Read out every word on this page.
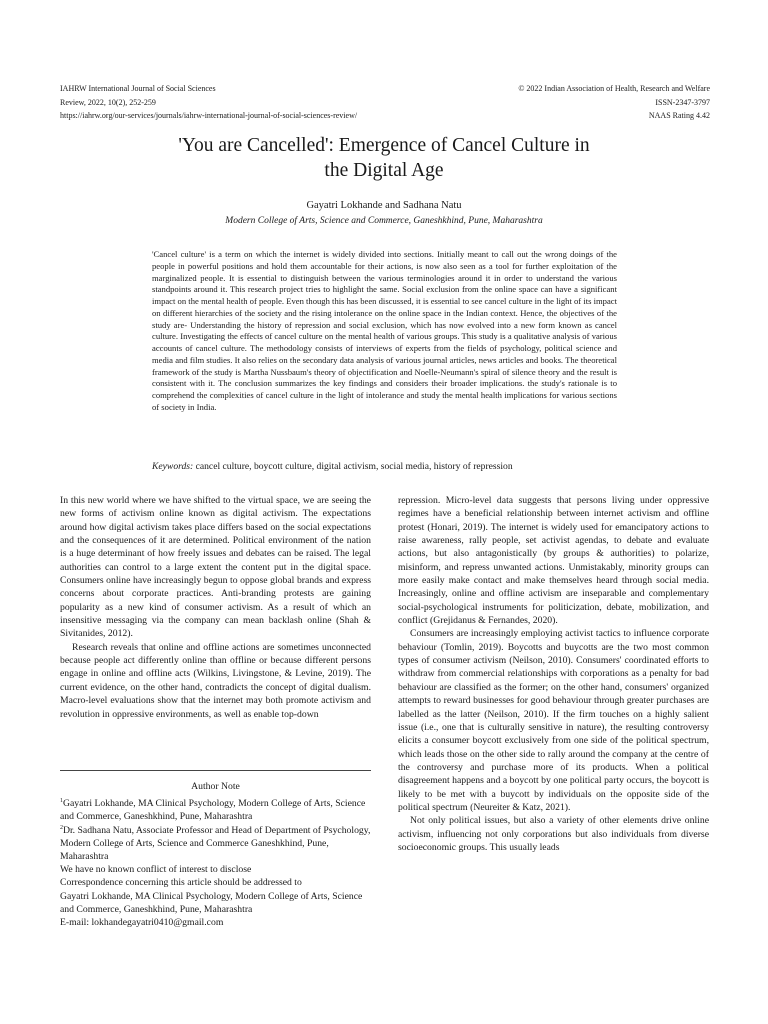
IAHRW International Journal of Social Sciences
Review, 2022, 10(2), 252-259
https://iahrw.org/our-services/journals/iahrw-international-journal-of-social-sciences-review/
© 2022 Indian Association of Health, Research and Welfare
ISSN-2347-3797
NAAS Rating 4.42
'You are Cancelled': Emergence of Cancel Culture in
the Digital Age
Gayatri Lokhande and Sadhana Natu
Modern College of Arts, Science and Commerce, Ganeshkhind, Pune, Maharashtra
'Cancel culture' is a term on which the internet is widely divided into sections. Initially meant to call out the wrong doings of the people in powerful positions and hold them accountable for their actions, is now also seen as a tool for further exploitation of the marginalized people. It is essential to distinguish between the various terminologies around it in order to understand the various standpoints around it. This research project tries to highlight the same. Social exclusion from the online space can have a significant impact on the mental health of people. Even though this has been discussed, it is essential to see cancel culture in the light of its impact on different hierarchies of the society and the rising intolerance on the online space in the Indian context. Hence, the objectives of the study are- Understanding the history of repression and social exclusion, which has now evolved into a new form known as cancel culture. Investigating the effects of cancel culture on the mental health of various groups. This study is a qualitative analysis of various accounts of cancel culture. The methodology consists of interviews of experts from the fields of psychology, political science and media and film studies. It also relies on the secondary data analysis of various journal articles, news articles and books. The theoretical framework of the study is Martha Nussbaum's theory of objectification and Noelle-Neumann's spiral of silence theory and the result is consistent with it. The conclusion summarizes the key findings and considers their broader implications. the study's rationale is to comprehend the complexities of cancel culture in the light of intolerance and study the mental health implications for various sections of society in India.
Keywords: cancel culture, boycott culture, digital activism, social media, history of repression

In this new world where we have shifted to the virtual space, we are seeing the new forms of activism online known as digital activism. The expectations around how digital activism takes place differs based on the social expectations and the consequences of it are determined. Political environment of the nation is a huge determinant of how freely issues and debates can be raised. The legal authorities can control to a large extent the content put in the digital space. Consumers online have increasingly begun to oppose global brands and express concerns about corporate practices. Anti-branding protests are gaining popularity as a new kind of consumer activism. As a result of which an insensitive messaging via the company can mean backlash online (Shah & Sivitanides, 2012).

Research reveals that online and offline actions are sometimes unconnected because people act differently online than offline or because different persons engage in online and offline acts (Wilkins, Livingstone, & Levine, 2019). The current evidence, on the other hand, contradicts the concept of digital dualism. Macro-level evaluations show that the internet may both promote activism and revolution in oppressive environments, as well as enable top-down

Author Note

$^1$Gayatri Lokhande, MA Clinical Psychology, Modern College of Arts, Science and Commerce, Ganeshkhind, Pune, Maharashtra

$^2$Dr. Sadhana Natu, Associate Professor and Head of Department of Psychology, Modern College of Arts, Science and Commerce Ganeshkhind, Pune, Maharashtra

We have no known conflict of interest to disclose

Correspondence concerning this article should be addressed to

Gayatri Lokhande, MA Clinical Psychology, Modern College of Arts, Science and Commerce, Ganeshkhind, Pune, Maharashtra

E-mail: lokhandegayatri0410@gmail.com

repression. Micro-level data suggests that persons living under oppressive regimes have a beneficial relationship between internet activism and offline protest (Honari, 2019). The internet is widely used for emancipatory actions to raise awareness, rally people, set activist agendas, to debate and evaluate actions, but also antagonistically (by groups & authorities) to polarize, misinform, and repress unwanted actions. Unmistakably, minority groups can more easily make contact and make themselves heard through social media. Increasingly, online and offline activism are inseparable and complementary social-psychological instruments for politicization, debate, mobilization, and conflict (Grejidanus & Fernandes, 2020).

Consumers are increasingly employing activist tactics to influence corporate behaviour (Tomlin, 2019). Boycotts and buycotts are the two most common types of consumer activism (Neilson, 2010). Consumers' coordinated efforts to withdraw from commercial relationships with corporations as a penalty for bad behaviour are classified as the former; on the other hand, consumers' organized attempts to reward businesses for good behaviour through greater purchases are labelled as the latter (Neilson, 2010). If the firm touches on a highly salient issue (i.e., one that is culturally sensitive in nature), the resulting controversy elicits a consumer boycott exclusively from one side of the political spectrum, which leads those on the other side to rally around the company at the centre of the controversy and purchase more of its products. When a political disagreement happens and a boycott by one political party occurs, the boycott is likely to be met with a buycott by individuals on the opposite side of the political spectrum (Neureiter & Katz, 2021).

Not only political issues, but also a variety of other elements drive online activism, influencing not only corporations but also individuals from diverse socioeconomic groups. This usually leads
